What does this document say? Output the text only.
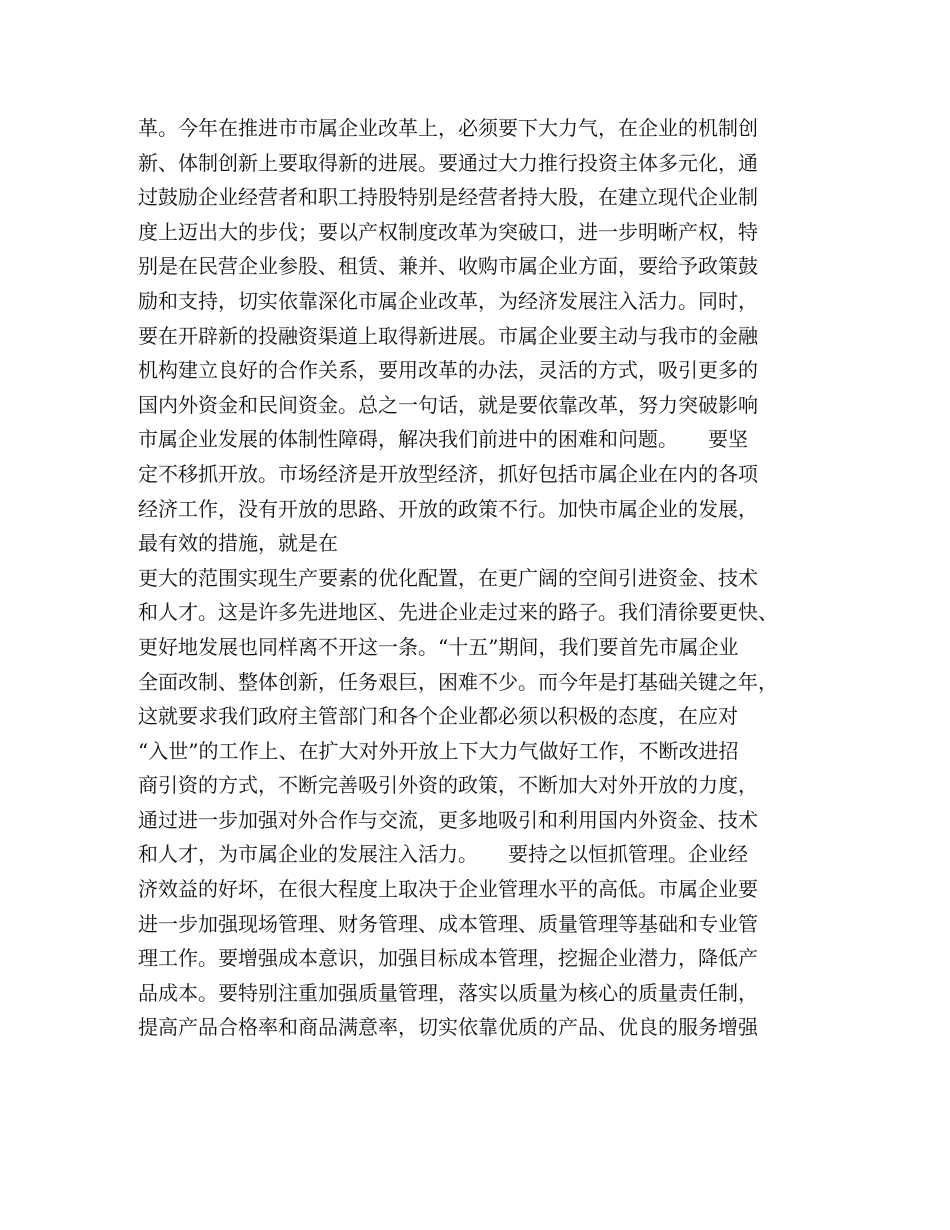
革。今年在推进市市属企业改革上，必须要下大力气，在企业的机制创
新、体制创新上要取得新的进展。要通过大力推行投资主体多元化，通
过鼓励企业经营者和职工持股特别是经营者持大股，在建立现代企业制
度上迈出大的步伐；要以产权制度改革为突破口，进一步明晰产权，特
别是在民营企业参股、租赁、兼并、收购市属企业方面，要给予政策鼓
励和支持，切实依靠深化市属企业改革，为经济发展注入活力。同时，
要在开辟新的投融资渠道上取得新进展。市属企业要主动与我市的金融
机构建立良好的合作关系，要用改革的办法，灵活的方式，吸引更多的
国内外资金和民间资金。总之一句话，就是要依靠改革，努力突破影响
市属企业发展的体制性障碍，解决我们前进中的困难和问题。　　要坚
定不移抓开放。市场经济是开放型经济，抓好包括市属企业在内的各项
经济工作，没有开放的思路、开放的政策不行。加快市属企业的发展，
最有效的措施，就是在
更大的范围实现生产要素的优化配置，在更广阔的空间引进资金、技术
和人才。这是许多先进地区、先进企业走过来的路子。我们清徐要更快、
更好地发展也同样离不开这一条。“十五”期间，我们要首先市属企业
全面改制、整体创新，任务艰巨，困难不少。而今年是打基础关键之年，
这就要求我们政府主管部门和各个企业都必须以积极的态度，在应对
“入世”的工作上、在扩大对外开放上下大力气做好工作，不断改进招
商引资的方式，不断完善吸引外资的政策，不断加大对外开放的力度，
通过进一步加强对外合作与交流，更多地吸引和利用国内外资金、技术
和人才，为市属企业的发展注入活力。　　要持之以恒抓管理。企业经
济效益的好坏，在很大程度上取决于企业管理水平的高低。市属企业要
进一步加强现场管理、财务管理、成本管理、质量管理等基础和专业管
理工作。要增强成本意识，加强目标成本管理，挖掘企业潜力，降低产
品成本。要特别注重加强质量管理，落实以质量为核心的质量责任制，
提高产品合格率和商品满意率，切实依靠优质的产品、优良的服务增强
